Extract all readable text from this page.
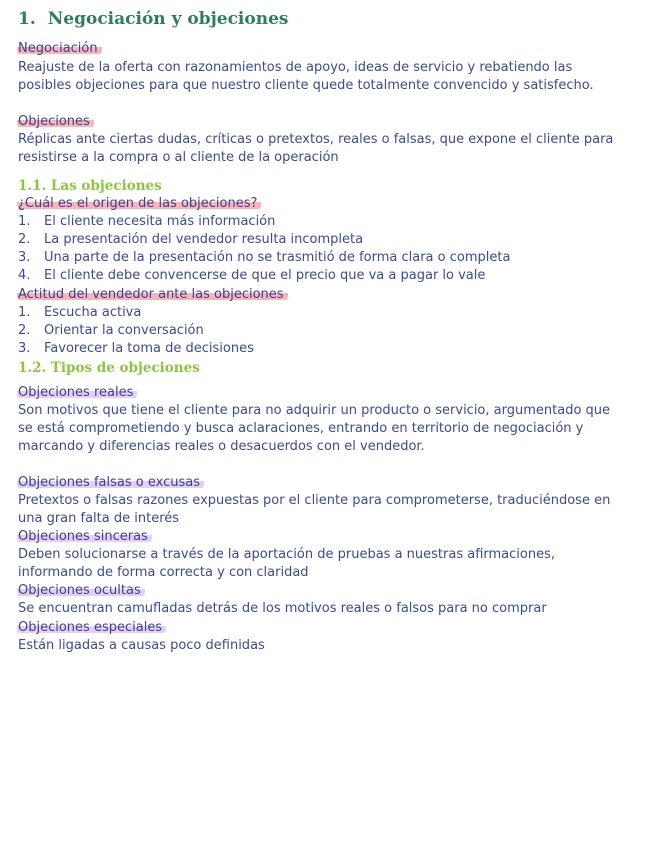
1. Negociación y objeciones
Negociación
Reajuste de la oferta con razonamientos de apoyo, ideas de servicio y rebatiendo las posibles objeciones para que nuestro cliente quede totalmente convencido y satisfecho.
Objeciones
Réplicas ante ciertas dudas, críticas o pretextos, reales o falsas, que expone el cliente para resistirse a la compra o al cliente de la operación
1.1. Las objeciones
¿Cuál es el origen de las objeciones?
1. El cliente necesita más información
2. La presentación del vendedor resulta incompleta
3. Una parte de la presentación no se trasmitió de forma clara o completa
4. El cliente debe convencerse de que el precio que va a pagar lo vale
Actitud del vendedor ante las objeciones
1. Escucha activa
2. Orientar la conversación
3. Favorecer la toma de decisiones
1.2. Tipos de objeciones
Objeciones reales
Son motivos que tiene el cliente para no adquirir un producto o servicio, argumentado que se está comprometiendo y busca aclaraciones, entrando en territorio de negociación y marcando y diferencias reales o desacuerdos con el vendedor.
Objeciones falsas o excusas
Pretextos o falsas razones expuestas por el cliente para comprometerse, traduciéndose en una gran falta de interés
Objeciones sinceras
Deben solucionarse a través de la aportación de pruebas a nuestras afirmaciones, informando de forma correcta y con claridad
Objeciones ocultas
Se encuentran camufladas detrás de los motivos reales o falsos para no comprar
Objeciones especiales
Están ligadas a causas poco definidas
